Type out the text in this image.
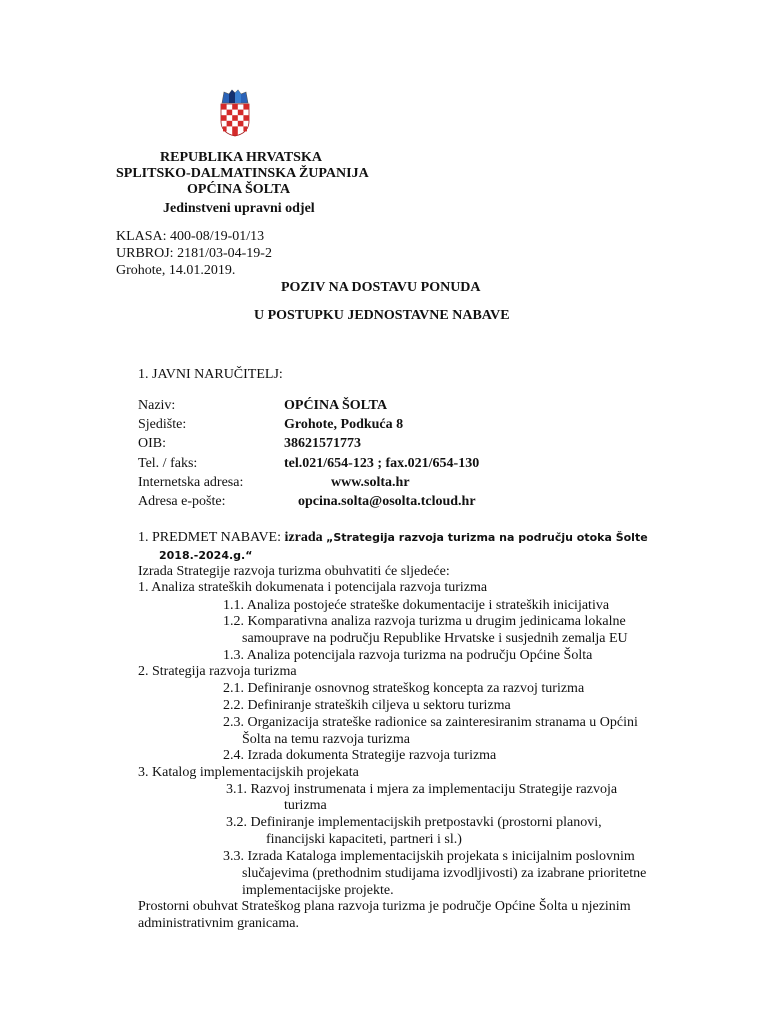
REPUBLIKA HRVATSKA
SPLITSKO-DALMATINSKA ŽUPANIJA
OPĆINA ŠOLTA
Jedinstveni upravni odjel
KLASA: 400-08/19-01/13
URBROJ: 2181/03-04-19-2
Grohote, 14.01.2019.
POZIV NA DOSTAVU PONUDA
U POSTUPKU JEDNOSTAVNE NABAVE
1. JAVNI NARUČITELJ:
Naziv:	OPĆINA ŠOLTA
Sjedište:	Grohote, Podkuća 8
OIB:	38621571773
Tel. / faks:	tel.021/654-123 ; fax.021/654-130
Internetska adresa:	www.solta.hr
Adresa e-pošte:	opcina.solta@osolta.tcloud.hr
1. PREDMET NABAVE: izrada „Strategija razvoja turizma na području otoka Šolte
2018.-2024.g.“
Izrada Strategije razvoja turizma obuhvatiti će sljedeće:
1. Analiza strateških dokumenata i potencijala razvoja turizma
1.1. Analiza postojeće strateške dokumentacije i strateških inicijativa
1.2. Komparativna analiza razvoja turizma u drugim jedinicama lokalne
samouprave na području Republike Hrvatske i susjednih zemalja EU
1.3. Analiza potencijala razvoja turizma na području Općine Šolta
2. Strategija razvoja turizma
2.1. Definiranje osnovnog strateškog koncepta za razvoj turizma
2.2. Definiranje strateških ciljeva u sektoru turizma
2.3. Organizacija strateške radionice sa zainteresiranim stranama u Općini
Šolta na temu razvoja turizma
2.4. Izrada dokumenta Strategije razvoja turizma
3. Katalog implementacijskih projekata
3.1. Razvoj instrumenata i mjera za implementaciju Strategije razvoja
turizma
3.2. Definiranje implementacijskih pretpostavki (prostorni planovi,
financijski kapaciteti, partneri i sl.)
3.3. Izrada Kataloga implementacijskih projekata s inicijalnim poslovnim
slučajevima (prethodnim studijama izvodljivosti) za izabrane prioritetne
implementacijske projekte.
Prostorni obuhvat Strateškog plana razvoja turizma je područje Općine Šolta u njezinim
administrativnim granicama.
